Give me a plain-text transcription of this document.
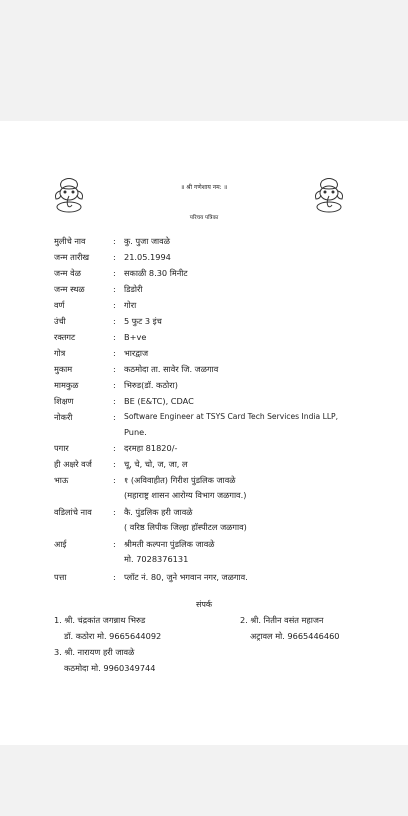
॥ श्री गणेशाय नम: ॥
परिचय पत्रिका
मुलीचे नाव	: कु. पुजा जावळे
जन्म तारीख	: 21.05.1994
जन्म वेळ	: सकाळी 8.30 मिनीट
जन्म स्थळ	: डिडोरी
वर्ण	: गोरा
उंची	: 5 फुट 3 इंच
रक्तगट	: B+ve
गोत्र	: भारद्वाज
मुकाम	: कठमोदा ता. सावेर जि. जळगाव
मामकुळ	: भिरुड(डॉ. कठोरा)
शिक्षण	: BE (E&TC), CDAC
नोकरी	: Software Engineer at TSYS Card Tech Services India LLP,
Pune.
पगार	: दरमहा 81820/-
ही अक्षरे वर्ज	: चू, चे, चो, ज, जा, ल
भाऊ	: १ (अविवाहीत) गिरीश पुंडलिक जावळे
(महाराष्ट्र शासन आरोग्य विभाग जळगाव.)
वडिलांचे नाव	: कै. पुंडलिक हरी जावळे
( वरिष्ठ लिपीक जिल्हा हॉस्पीटल जळगाव)
आई	: श्रीमती कल्पना पुंडलिक जावळे
मो. 7028376131
पत्ता	: प्लॉट नं. 80, जुने भगवान नगर, जळगाव.
संपर्क
1. श्री. चंद्रकांत जगन्नाथ भिरुड
डॉ. कठोरा मो. 9665644092
2. श्री. नितीन वसंत महाजन
अट्रावल मो. 9665446460
3. श्री. नारायण हरी जावळे
कठमोदा मो. 9960349744
